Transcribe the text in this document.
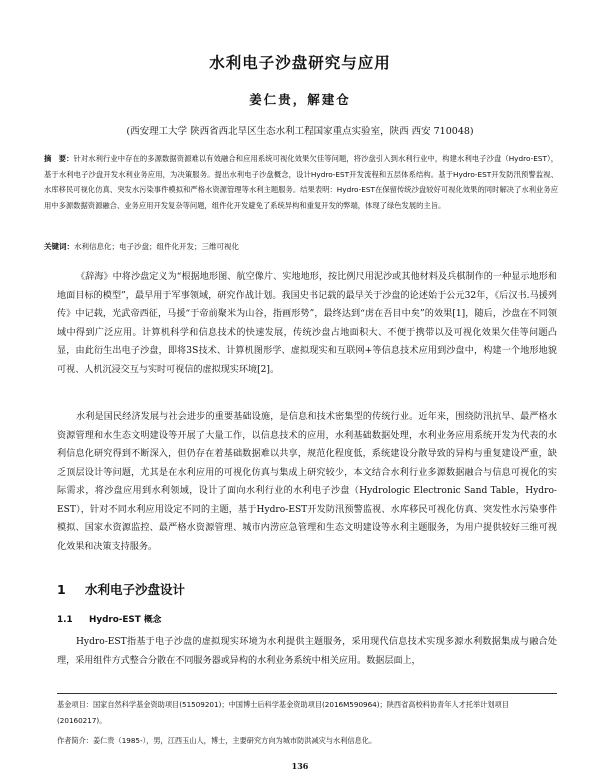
水利电子沙盘研究与应用
姜仁贵，解建仓
(西安理工大学 陕西省西北旱区生态水利工程国家重点实验室，陕西 西安 710048)
摘　要：针对水利行业中存在的多源数据资源难以有效融合和应用系统可视化效果欠佳等问题，将沙盘引入到水利行业中，构建水利电子沙盘（Hydro-EST），基于水利电子沙盘开发水利业务应用，为决策服务。提出水利电子沙盘概念，设计Hydro-EST开发流程和五层体系结构。基于Hydro-EST开发防汛预警监视、水库移民可视化仿真、突发水污染事件模拟和严格水资源管理等水利主题服务。结果表明：Hydro-EST在保留传统沙盘较好可视化效果的同时解决了水利业务应用中多源数据资源融合、业务应用开发复杂等问题，组件化开发避免了系统异构和重复开发的弊端，体现了绿色发展的主旨。
关键词：水利信息化；电子沙盘；组件化开发；三维可视化
《辞海》中将沙盘定义为“根据地形图、航空像片、实地地形，按比例尺用泥沙或其他材料及兵棋制作的一种显示地形和地面目标的模型”，最早用于军事领域，研究作战计划。我国史书记载的最早关于沙盘的论述始于公元32年，《后汉书.马援列传》中记载，光武帝西征，马援“于帝前聚米为山谷，指画形势”，最终达到“虏在吾目中矣”的效果[1]，随后，沙盘在不同领域中得到广泛应用。计算机科学和信息技术的快速发展，传统沙盘占地面积大、不便于携带以及可视化效果欠佳等问题凸显，由此衍生出电子沙盘，即将3S技术、计算机图形学、虚拟现实和互联网+等信息技术应用到沙盘中，构建一个地形地貌可视、人机沉浸交互与实时可视信的虚拟现实环境[2]。
水利是国民经济发展与社会进步的重要基础设施，是信息和技术密集型的传统行业。近年来，围绕防汛抗旱、最严格水资源管理和水生态文明建设等开展了大量工作，以信息技术的应用，水利基础数据处理，水利业务应用系统开发为代表的水利信息化研究得到不断深入，但仍存在着基础数据难以共享，规范化程度低，系统建设分散导致的异构与重复建设严重，缺乏顶层设计等问题，尤其是在水利应用的可视化仿真与集成上研究较少，本文结合水利行业多源数据融合与信息可视化的实际需求，将沙盘应用到水利领域，设计了面向水利行业的水利电子沙盘（Hydrologic Electronic Sand Table，Hydro-EST），针对不同水利应用设定不同的主题，基于Hydro-EST开发防汛预警监视、水库移民可视化仿真、突发性水污染事件模拟、国家水资源监控、最严格水资源管理、城市内涝应急管理和生态文明建设等水利主题服务，为用户提供较好三维可视化效果和决策支持服务。
1 水利电子沙盘设计
1.1 Hydro-EST 概念
Hydro-EST指基于电子沙盘的虚拟现实环境为水利提供主题服务，采用现代信息技术实现多源水利数据集成与融合处理，采用组件方式整合分散在不同服务器或异构的水利业务系统中相关应用。数据层面上，
基金项目：国家自然科学基金资助项目(51509201)；中国博士后科学基金资助项目(2016M590964)；陕西省高校科协青年人才托举计划项目(20160217)。
作者简介：姜仁贵（1985-），男，江西玉山人，博士，主要研究方向为城市防洪减灾与水利信息化。
136
